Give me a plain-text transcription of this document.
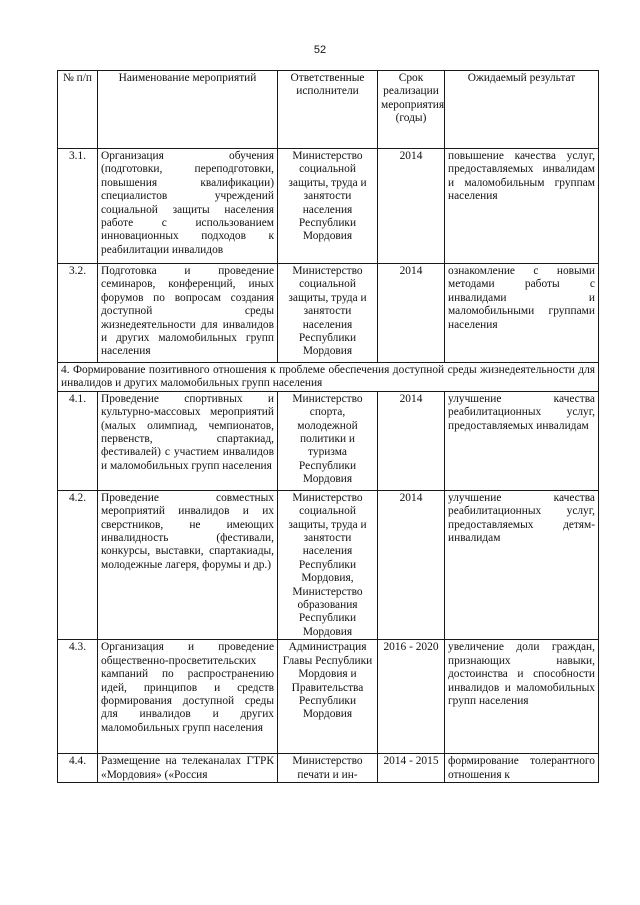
52
№ п/п	Наименование мероприятий	Ответственные исполнители	Срок реализации мероприятия (годы)	Ожидаемый результат
3.1.	Организация обучения (подготовки, переподготовки, повышения квалификации) специалистов учреждений социальной защиты населения работе с использованием инновационных подходов к реабилитации инвалидов	Министерство социальной защиты, труда и занятости населения Республики Мордовия	2014	повышение качества услуг, предоставляемых инвалидам и маломобильным группам населения
3.2.	Подготовка и проведение семинаров, конференций, иных форумов по вопросам создания доступной среды жизнедеятельности для инвалидов и других маломобильных групп населения	Министерство социальной защиты, труда и занятости населения Республики Мордовия	2014	ознакомление с новыми методами работы с инвалидами и маломобильными группами населения
4. Формирование позитивного отношения к проблеме обеспечения доступной среды жизнедеятельности для инвалидов и других маломобильных групп населения				
4.1.	Проведение спортивных и культурно-массовых мероприятий (малых олимпиад, чемпионатов, первенств, спартакиад, фестивалей) с участием инвалидов и маломобильных групп населения	Министерство спорта, молодежной политики и туризма Республики Мордовия	2014	улучшение качества реабилитационных услуг, предоставляемых инвалидам
4.2.	Проведение совместных мероприятий инвалидов и их сверстников, не имеющих инвалидность (фестивали, конкурсы, выставки, спартакиады, молодежные лагеря, форумы и др.)	Министерство социальной защиты, труда и занятости населения Республики Мордовия, Министерство образования Республики Мордовия	2014	улучшение качества реабилитационных услуг, предоставляемых детям-инвалидам
4.3.	Организация и проведение общественно-просветительских кампаний по распространению идей, принципов и средств формирования доступной среды для инвалидов и других маломобильных групп населения	Администрация Главы Республики Мордовия и Правительства Республики Мордовия	2016 - 2020	увеличение доли граждан, признающих навыки, достоинства и способности инвалидов и маломобильных групп населения
4.4.	Размещение на телеканалах ГТРК «Мордовия» («Россия	Министерство печати и ин-	2014 - 2015	формирование толерантного отношения к
